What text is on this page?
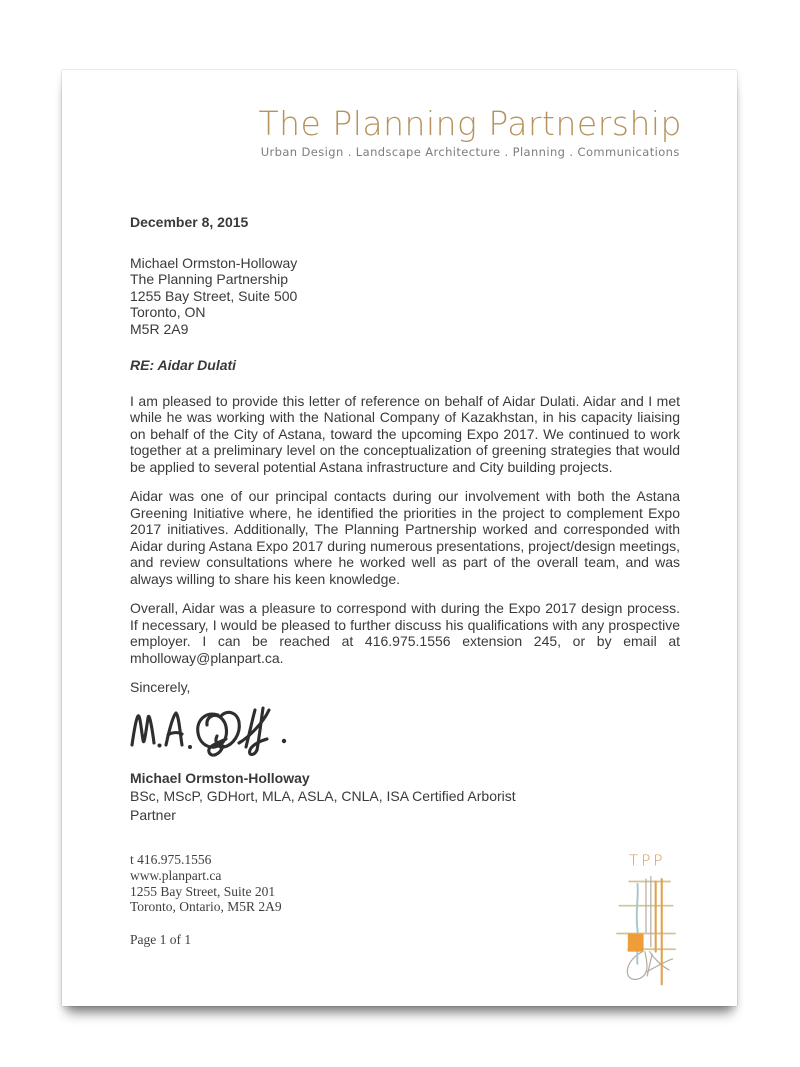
The Planning Partnership
Urban Design . Landscape Architecture . Planning . Communications
December 8, 2015
Michael Ormston-Holloway
The Planning Partnership
1255 Bay Street, Suite 500
Toronto, ON
M5R 2A9
RE: Aidar Dulati

I am pleased to provide this letter of reference on behalf of Aidar Dulati. Aidar and I met while he was working with the National Company of Kazakhstan, in his capacity liaising on behalf of the City of Astana, toward the upcoming Expo 2017. We continued to work together at a preliminary level on the conceptualization of greening strategies that would be applied to several potential Astana infrastructure and City building projects.

Aidar was one of our principal contacts during our involvement with both the Astana Greening Initiative where, he identified the priorities in the project to complement Expo 2017 initiatives. Additionally, The Planning Partnership worked and corresponded with Aidar during Astana Expo 2017 during numerous presentations, project/design meetings, and review consultations where he worked well as part of the overall team, and was always willing to share his keen knowledge.

Overall, Aidar was a pleasure to correspond with during the Expo 2017 design process. If necessary, I would be pleased to further discuss his qualifications with any prospective employer. I can be reached at 416.975.1556 extension 245, or by email at mholloway@planpart.ca.

Sincerely,
Michael Ormston-Holloway
BSc, MScP, GDHort, MLA, ASLA, CNLA, ISA Certified Arborist
Partner
t 416.975.1556
www.planpart.ca
1255 Bay Street, Suite 201
Toronto, Ontario, M5R 2A9
Page 1 of 1
TPP
